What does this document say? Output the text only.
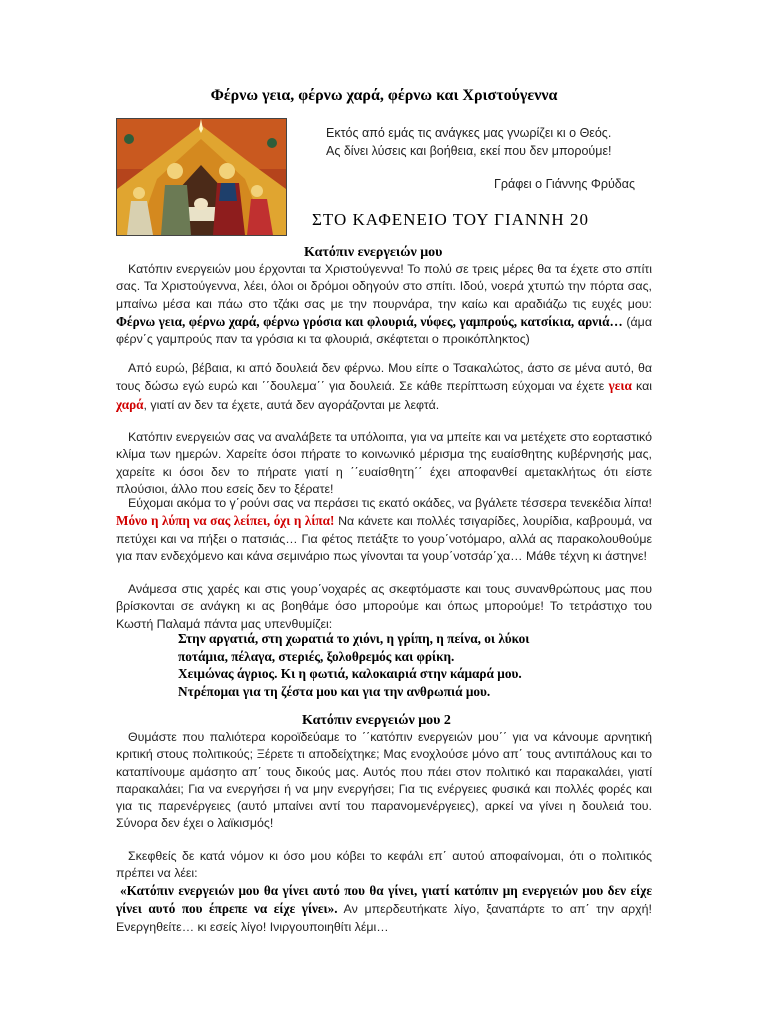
Φέρνω γεια, φέρνω χαρά, φέρνω και Χριστούγεννα
Εκτός από εμάς τις ανάγκες μας γνωρίζει κι ο Θεός.
Ας δίνει λύσεις και βοήθεια, εκεί που δεν μπορούμε!
Γράφει ο Γιάννης Φρύδας
ΣΤΟ ΚΑΦΕΝΕΙΟ ΤΟΥ ΓΙΑΝΝΗ 20
Κατόπιν ενεργειών μου

Κατόπιν ενεργειών μου έρχονται τα Χριστούγεννα! Το πολύ σε τρεις μέρες θα τα έχετε στο σπίτι σας. Τα Χριστούγεννα, λέει, όλοι οι δρόμοι οδηγούν στο σπίτι. Ιδού, νοερά χτυπώ την πόρτα σας, μπαίνω μέσα και πάω στο τζάκι σας με την πουρνάρα, την καίω και αραδιάζω τις ευχές μου: Φέρνω γεια, φέρνω χαρά, φέρνω γρόσια και φλουριά, νύφες, γαμπρούς, κατσίκια, αρνιά… (άμα φέρν΄ς γαμπρούς παν τα γρόσια κι τα φλουριά, σκέφτεται ο προικόπληκτος)

Από ευρώ, βέβαια, κι από δουλειά δεν φέρνω. Μου είπε ο Τσακαλώτος, άστο σε μένα αυτό, θα τους δώσω εγώ ευρώ και ΄΄δουλεμα΄΄ για δουλειά. Σε κάθε περίπτωση εύχομαι να έχετε γεια και χαρά, γιατί αν δεν τα έχετε, αυτά δεν αγοράζονται με λεφτά.

Κατόπιν ενεργειών σας να αναλάβετε τα υπόλοιπα, για να μπείτε και να μετέχετε στο εορταστικό κλίμα των ημερών. Χαρείτε όσοι πήρατε το κοινωνικό μέρισμα της ευαίσθητης κυβέρνησής μας, χαρείτε κι όσοι δεν το πήρατε γιατί η ΄΄ευαίσθητη΄΄ έχει αποφανθεί αμετακλήτως ότι είστε πλούσιοι, άλλο που εσείς δεν το ξέρατε!

Εύχομαι ακόμα το γ΄ρούνι σας να περάσει τις εκατό οκάδες, να βγάλετε τέσσερα τενεκέδια λίπα! Μόνο η λύπη να σας λείπει, όχι η λίπα! Να κάνετε και πολλές τσιγαρίδες, λουρίδια, καβρουμά, να πετύχει και να πήξει ο πατσιάς… Για φέτος πετάξτε το γουρ΄νοτόμαρο, αλλά ας παρακολουθούμε για παν ενδεχόμενο και κάνα σεμινάριο πως γίνονται τα γουρ΄νοτσάρ΄χα… Μάθε τέχνη κι άστηνε!

Ανάμεσα στις χαρές και στις γουρ΄νοχαρές ας σκεφτόμαστε και τους συνανθρώπους μας που βρίσκονται σε ανάγκη κι ας βοηθάμε όσο μπορούμε και όπως μπορούμε! Το τετράστιχο του Κωστή Παλαμά πάντα μας υπενθυμίζει:

Στην αργατιά, στη χωρατιά το χιόνι, η γρίπη, η πείνα, οι λύκοι
ποτάμια, πέλαγα, στεριές, ξολοθρεμός και φρίκη.
Χειμώνας άγριος. Κι η φωτιά, καλοκαιριά στην κάμαρά μου.
Ντρέπομαι για τη ζέστα μου και για την ανθρωπιά μου.
Κατόπιν ενεργειών μου 2

Θυμάστε που παλιότερα κοροϊδεύαμε το ΄΄κατόπιν ενεργειών μου΄΄ για να κάνουμε αρνητική κριτική στους πολιτικούς; Ξέρετε τι αποδείχτηκε; Μας ενοχλούσε μόνο απ΄ τους αντιπάλους και το καταπίνουμε αμάσητο απ΄ τους δικούς μας. Αυτός που πάει στον πολιτικό και παρακαλάει, γιατί παρακαλάει; Για να ενεργήσει ή να μην ενεργήσει; Για τις ενέργειες φυσικά και πολλές φορές και για τις παρενέργειες (αυτό μπαίνει αντί του παρανομενέργειες), αρκεί να γίνει η δουλειά του. Σύνορα δεν έχει ο λαϊκισμός!

Σκεφθείς δε κατά νόμον κι όσο μου κόβει το κεφάλι επ΄ αυτού αποφαίνομαι, ότι ο πολιτικός πρέπει να λέει:

«Κατόπιν ενεργειών μου θα γίνει αυτό που θα γίνει, γιατί κατόπιν μη ενεργειών μου δεν είχε γίνει αυτό που έπρεπε να είχε γίνει». Αν μπερδευτήκατε λίγο, ξαναπάρτε το απ΄ την αρχή! Ενεργηθείτε… κι εσείς λίγο! Ινιργουποιηθίτι λέμι…
